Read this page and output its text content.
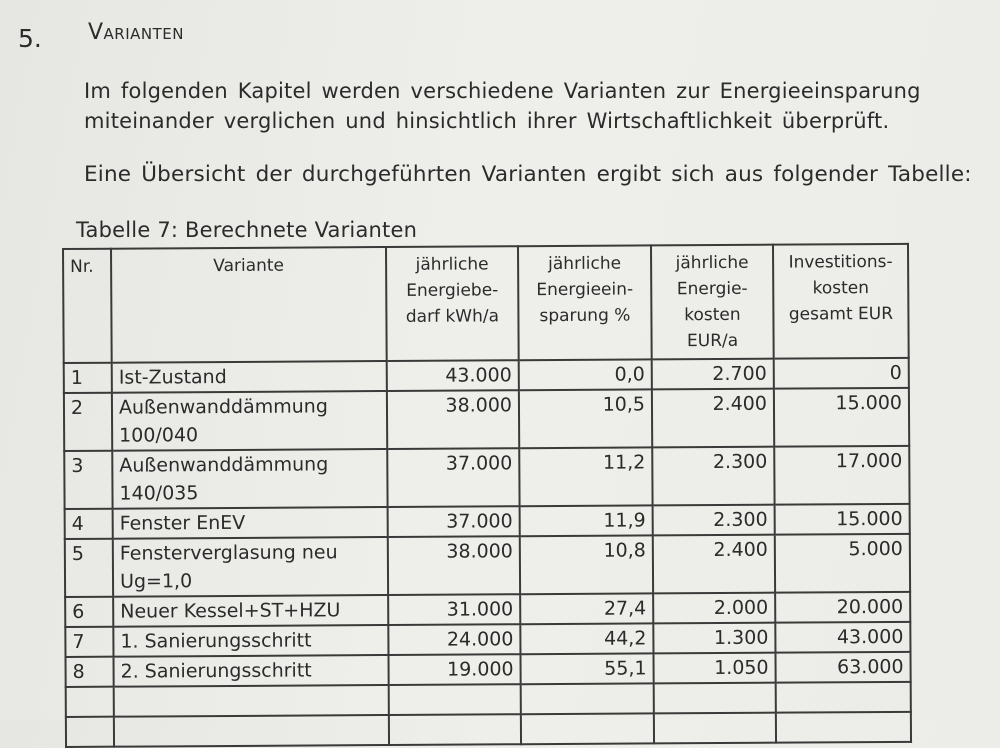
5. Varianten
Im folgenden Kapitel werden verschiedene Varianten zur Energieeinsparung miteinander verglichen und hinsichtlich ihrer Wirtschaftlichkeit überprüft.
Eine Übersicht der durchgeführten Varianten ergibt sich aus folgender Tabelle:
Tabelle 7: Berechnete Varianten
Nr.	Variante	jährliche Energiebe- darf kWh/a	jährliche Energieein- sparung %	jährliche Energie- kosten EUR/a	Investitions- kosten gesamt EUR
1	Ist-Zustand	43.000	0,0	2.700	0
2	Außenwanddämmung 100/040	38.000	10,5	2.400	15.000
3	Außenwanddämmung 140/035	37.000	11,2	2.300	17.000
4	Fenster EnEV	37.000	11,9	2.300	15.000
5	Fensterverglasung neu Ug=1,0	38.000	10,8	2.400	5.000
6	Neuer Kessel+ST+HZU	31.000	27,4	2.000	20.000
7	1. Sanierungsschritt	24.000	44,2	1.300	43.000
8	2. Sanierungsschritt	19.000	55,1	1.050	63.000
